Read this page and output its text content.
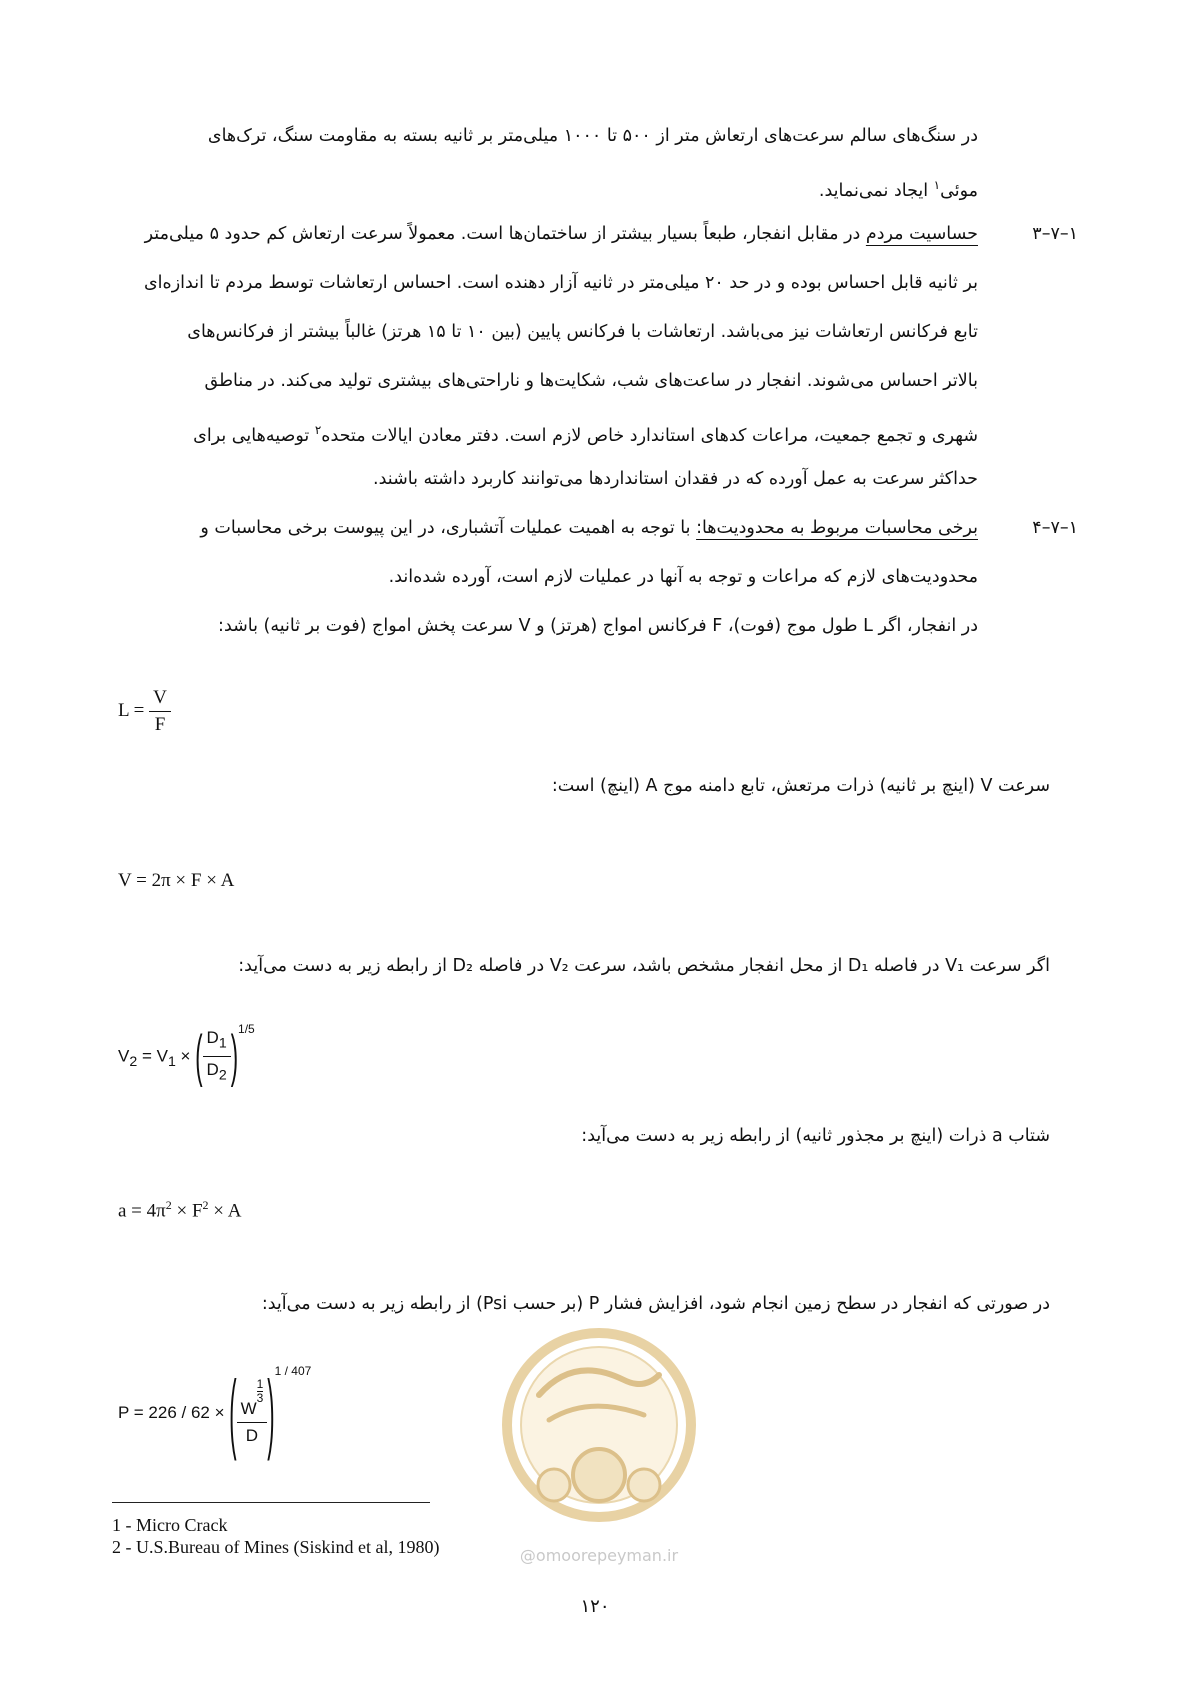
در سنگ‌های سالم سرعت‌های ارتعاش متر از ۵۰۰ تا ۱۰۰۰ میلی‌متر بر ثانیه بسته به مقاومت سنگ، ترک‌های
موئی$^۱$ ایجاد نمی‌نماید.
۱–۷–۳
حساسیت مردم در مقابل انفجار، طبعاً بسیار بیشتر از ساختمان‌ها است. معمولاً سرعت ارتعاش کم حدود ۵ میلی‌متر
بر ثانیه قابل احساس بوده و در حد ۲۰ میلی‌متر در ثانیه آزار دهنده است. احساس ارتعاشات توسط مردم تا اندازه‌ای
تابع فرکانس ارتعاشات نیز می‌باشد. ارتعاشات با فرکانس پایین (بین ۱۰ تا ۱۵ هرتز) غالباً بیشتر از فرکانس‌های
بالاتر احساس می‌شوند. انفجار در ساعت‌های شب، شکایت‌ها و ناراحتی‌های بیشتری تولید می‌کند. در مناطق
شهری و تجمع جمعیت، مراعات کدهای استاندارد خاص لازم است. دفتر معادن ایالات متحده$^۲$ توصیه‌هایی برای
حداکثر سرعت به عمل آورده که در فقدان استانداردها می‌توانند کاربرد داشته باشند.
۱–۷–۴
برخی محاسبات مربوط به محدودیت‌ها: با توجه به اهمیت عملیات آتشباری، در این پیوست برخی محاسبات و
محدودیت‌های لازم که مراعات و توجه به آنها در عملیات لازم است، آورده شده‌اند.
در انفجار، اگر L طول موج (فوت)، F فرکانس امواج (هرتز) و V سرعت پخش امواج (فوت بر ثانیه) باشد:
$L = \frac{V}{F}$
سرعت V (اینچ بر ثانیه) ذرات مرتعش، تابع دامنه موج A (اینچ) است:
V = 2π × F × A
اگر سرعت V₁ در فاصله D₁ از محل انفجار مشخص باشد، سرعت V₂ در فاصله D₂ از رابطه زیر به دست می‌آید:
$V_2 = V_1$ × ( $\frac{D_1}{D_2} )^{1/5}$
شتاب a ذرات (اینچ بر مجذور ثانیه) از رابطه زیر به دست می‌آید:
$a = 4\pi^2 \times F^2 \times A$
در صورتی که انفجار در سطح زمین انجام شود، افزایش فشار P (بر حسب Psi) از رابطه زیر به دست می‌آید:
P = 226 / 62 × ( W
$\frac{1}{3}$
D )$^{1 / 407}$
@omoorepeyman.ir
1 - Micro Crack
2 - U.S.Bureau of Mines (Siskind et al, 1980)
۱۲۰
